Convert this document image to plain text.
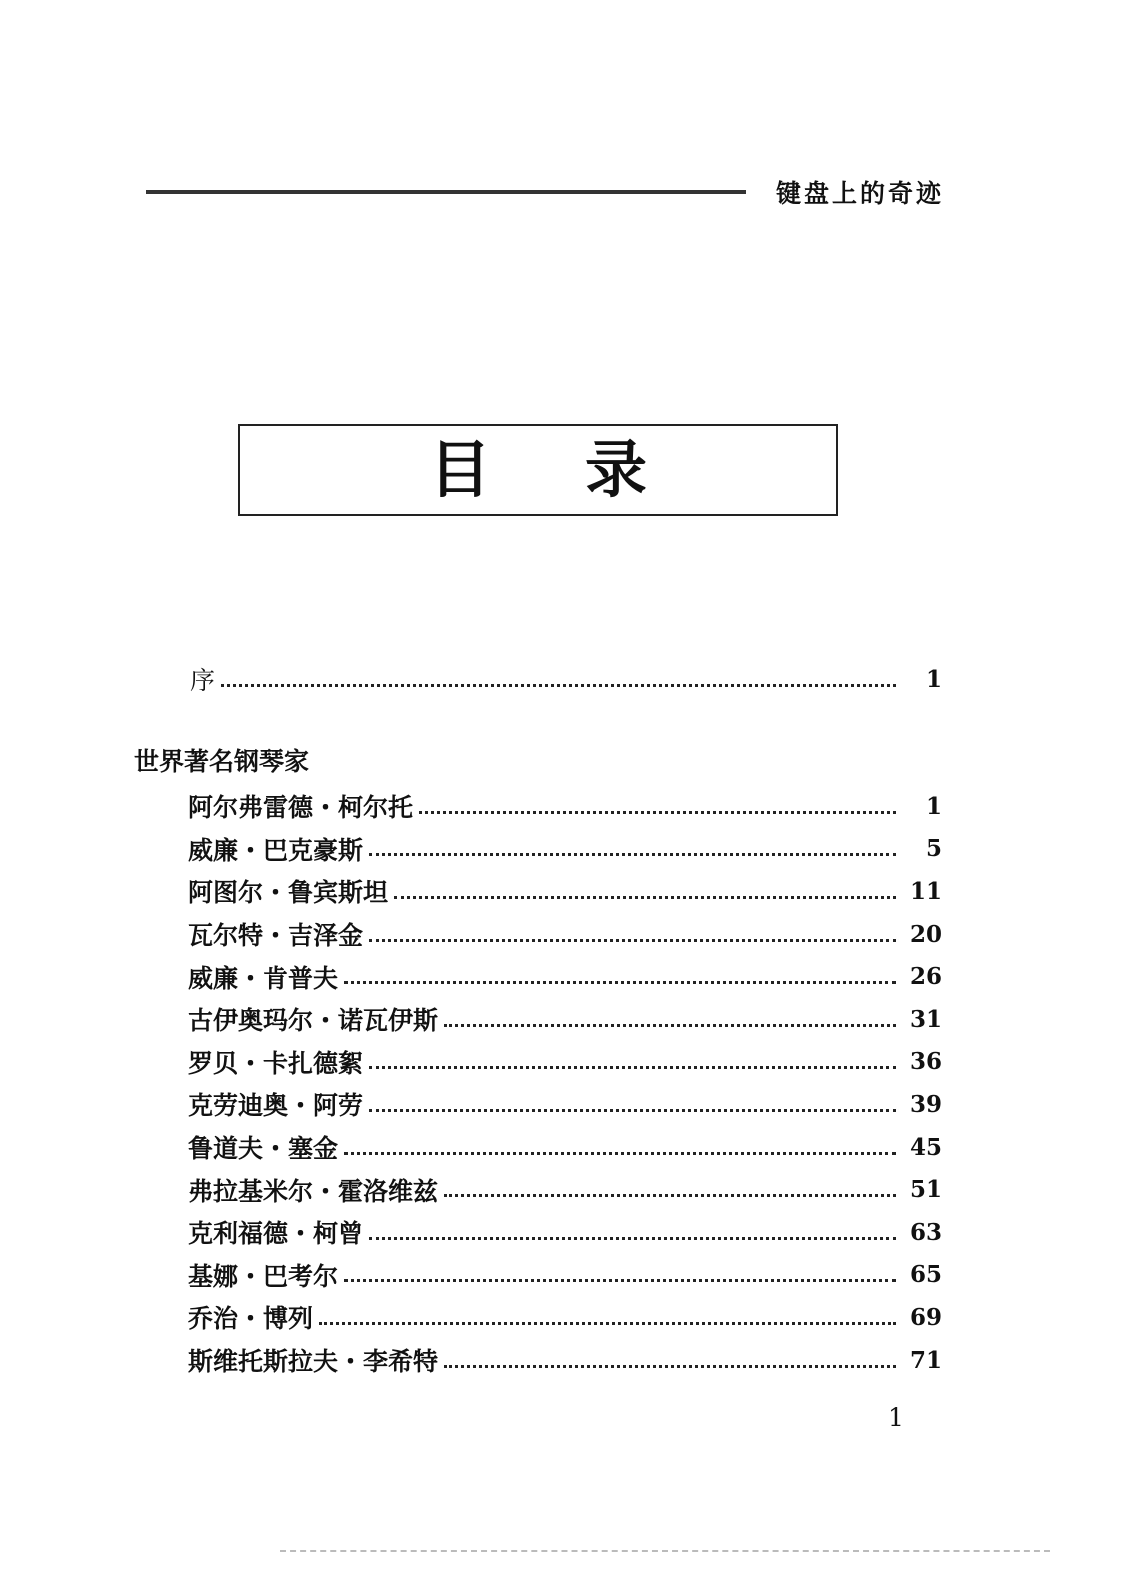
键盘上的奇迹
目 录
序	1
世界著名钢琴家
阿尔弗雷德・柯尔托	1
威廉・巴克豪斯	5
阿图尔・鲁宾斯坦	11
瓦尔特・吉泽金	20
威廉・肯普夫	26
古伊奥玛尔・诺瓦伊斯	31
罗贝・卡扎德絮	36
克劳迪奥・阿劳	39
鲁道夫・塞金	45
弗拉基米尔・霍洛维兹	51
克利福德・柯曾	63
基娜・巴考尔	65
乔治・博列	69
斯维托斯拉夫・李希特	71
1
